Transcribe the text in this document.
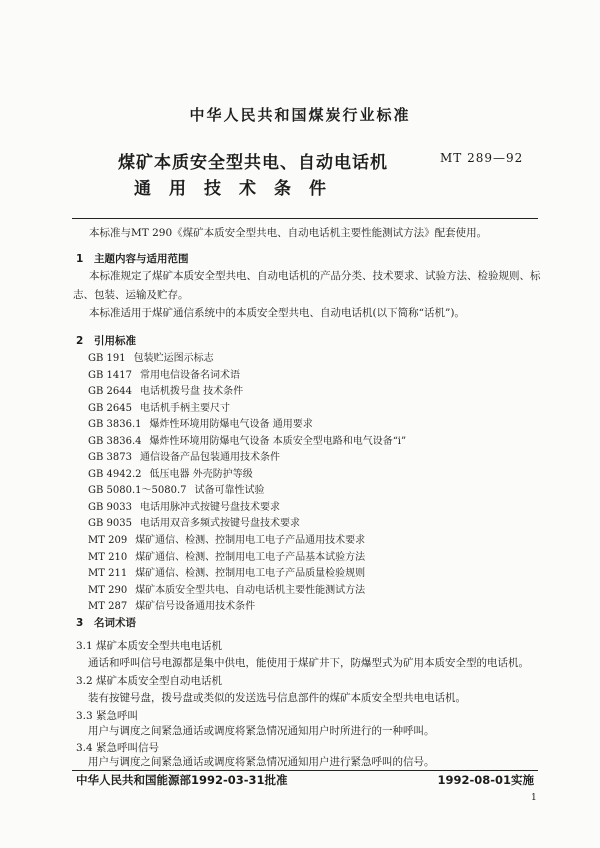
中华人民共和国煤炭行业标准
煤矿本质安全型共电、自动电话机
通用技术条件
MT 289—92
本标准与MT 290《煤矿本质安全型共电、自动电话机主要性能测试方法》配套使用。
1 主题内容与适用范围
本标准规定了煤矿本质安全型共电、自动电话机的产品分类、技术要求、试验方法、检验规则、标志、包装、运输及贮存。
本标准适用于煤矿通信系统中的本质安全型共电、自动电话机(以下简称“话机”)。
2 引用标准
GB 191 包装贮运图示标志
GB 1417 常用电信设备名词术语
GB 2644 电话机拨号盘 技术条件
GB 2645 电话机手柄主要尺寸
GB 3836.1 爆炸性环境用防爆电气设备 通用要求
GB 3836.4 爆炸性环境用防爆电气设备 本质安全型电路和电气设备“i”
GB 3873 通信设备产品包装通用技术条件
GB 4942.2 低压电器 外壳防护等级
GB 5080.1～5080.7 试备可靠性试验
GB 9033 电话用脉冲式按键号盘技术要求
GB 9035 电话用双音多频式按键号盘技术要求
MT 209 煤矿通信、检测、控制用电工电子产品通用技术要求
MT 210 煤矿通信、检测、控制用电工电子产品基本试验方法
MT 211 煤矿通信、检测、控制用电工电子产品质量检验规则
MT 290 煤矿本质安全型共电、自动电话机主要性能测试方法
MT 287 煤矿信号设备通用技术条件
3 名词术语
3.1 煤矿本质安全型共电电话机
通话和呼叫信号电源都是集中供电，能使用于煤矿井下，防爆型式为矿用本质安全型的电话机。
3.2 煤矿本质安全型自动电话机
装有按键号盘，拨号盘或类似的发送选号信息部件的煤矿本质安全型共电电话机。
3.3 紧急呼叫
用户与调度之间紧急通话或调度将紧急情况通知用户时所进行的一种呼叫。
3.4 紧急呼叫信号
用户与调度之间紧急通话或调度将紧急情况通知用户进行紧急呼叫的信号。
中华人民共和国能源部1992-03-31批准	1992-08-01实施
1
